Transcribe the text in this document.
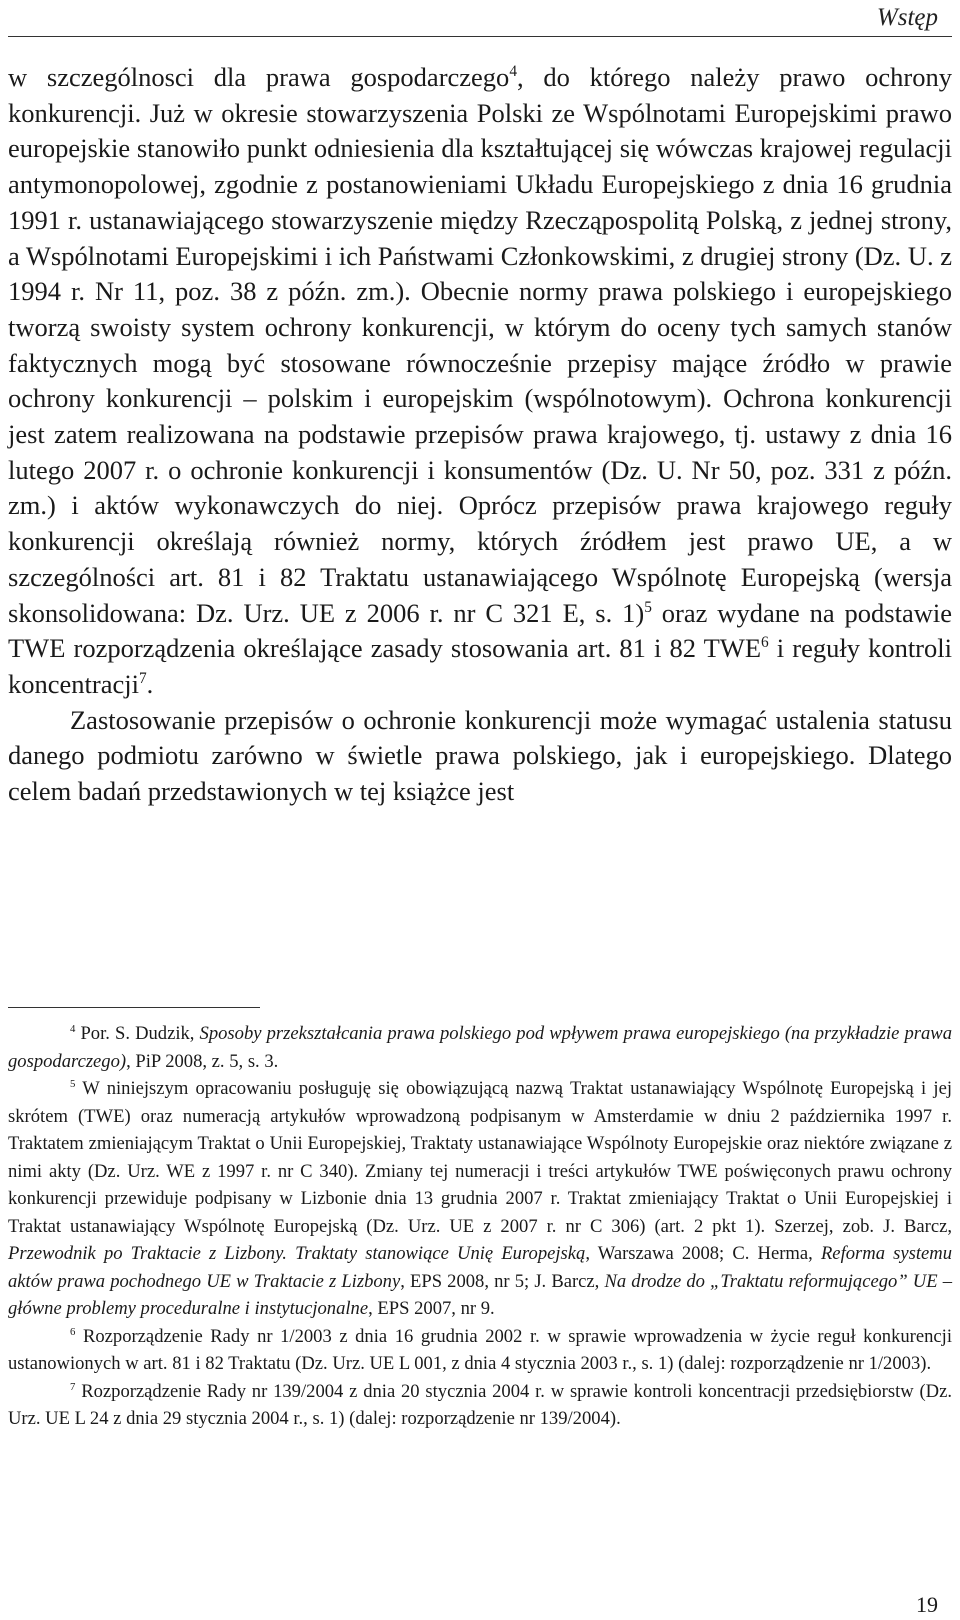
Wstęp

w szczególnosci dla prawa gospodarczego$^4$, do którego należy prawo ochrony konkurencji. Już w okresie stowarzyszenia Polski ze Wspólnotami Europejskimi prawo europejskie stanowiło punkt odniesienia dla kształtującej się wówczas krajowej regulacji antymonopolowej, zgodnie z postanowieniami Układu Europejskiego z dnia 16 grudnia 1991 r. ustanawiającego stowarzyszenie między Rzecząpospolitą Polską, z jednej strony, a Wspólnotami Europejskimi i ich Państwami Członkowskimi, z drugiej strony (Dz. U. z 1994 r. Nr 11, poz. 38 z późn. zm.). Obecnie normy prawa polskiego i europejskiego tworzą swoisty system ochrony konkurencji, w którym do oceny tych samych stanów faktycznych mogą być stosowane równocześnie przepisy mające źródło w prawie ochrony konkurencji – polskim i europejskim (wspólnotowym). Ochrona konkurencji jest zatem realizowana na podstawie przepisów prawa krajowego, tj. ustawy z dnia 16 lutego 2007 r. o ochronie konkurencji i konsumentów (Dz. U. Nr 50, poz. 331 z późn. zm.) i aktów wykonawczych do niej. Oprócz przepisów prawa krajowego reguły konkurencji określają również normy, których źródłem jest prawo UE, a w szczególności art. 81 i 82 Traktatu ustanawiającego Wspólnotę Europejską (wersja skonsolidowana: Dz. Urz. UE z 2006 r. nr C 321 E, s. 1)$^5$ oraz wydane na podstawie TWE rozporządzenia określające zasady stosowania art. 81 i 82 TWE$^6$ i reguły kontroli koncentracji$^7$.

Zastosowanie przepisów o ochronie konkurencji może wymagać ustalenia statusu danego podmiotu zarówno w świetle prawa polskiego, jak i europejskiego. Dlatego celem badań przedstawionych w tej książce jest

$^4$ Por. S. Dudzik, Sposoby przekształcania prawa polskiego pod wpływem prawa europejskiego (na przykładzie prawa gospodarczego), PiP 2008, z. 5, s. 3.

$^5$ W niniejszym opracowaniu posługuję się obowiązującą nazwą Traktat ustanawiający Wspólnotę Europejską i jej skrótem (TWE) oraz numeracją artykułów wprowadzoną podpisanym w Amsterdamie w dniu 2 października 1997 r. Traktatem zmieniającym Traktat o Unii Europejskiej, Traktaty ustanawiające Wspólnoty Europejskie oraz niektóre związane z nimi akty (Dz. Urz. WE z 1997 r. nr C 340). Zmiany tej numeracji i treści artykułów TWE poświęconych prawu ochrony konkurencji przewiduje podpisany w Lizbonie dnia 13 grudnia 2007 r. Traktat zmieniający Traktat o Unii Europejskiej i Traktat ustanawiający Wspólnotę Europejską (Dz. Urz. UE z 2007 r. nr C 306) (art. 2 pkt 1). Szerzej, zob. J. Barcz, Przewodnik po Traktacie z Lizbony. Traktaty stanowiące Unię Europejską, Warszawa 2008; C. Herma, Reforma systemu aktów prawa pochodnego UE w Traktacie z Lizbony, EPS 2008, nr 5; J. Barcz, Na drodze do „Traktatu reformującego” UE – główne problemy proceduralne i instytucjonalne, EPS 2007, nr 9.

$^6$ Rozporządzenie Rady nr 1/2003 z dnia 16 grudnia 2002 r. w sprawie wprowadzenia w życie reguł konkurencji ustanowionych w art. 81 i 82 Traktatu (Dz. Urz. UE L 001, z dnia 4 stycznia 2003 r., s. 1) (dalej: rozporządzenie nr 1/2003).

$^7$ Rozporządzenie Rady nr 139/2004 z dnia 20 stycznia 2004 r. w sprawie kontroli koncentracji przedsiębiorstw (Dz. Urz. UE L 24 z dnia 29 stycznia 2004 r., s. 1) (dalej: rozporządzenie nr 139/2004).

19
